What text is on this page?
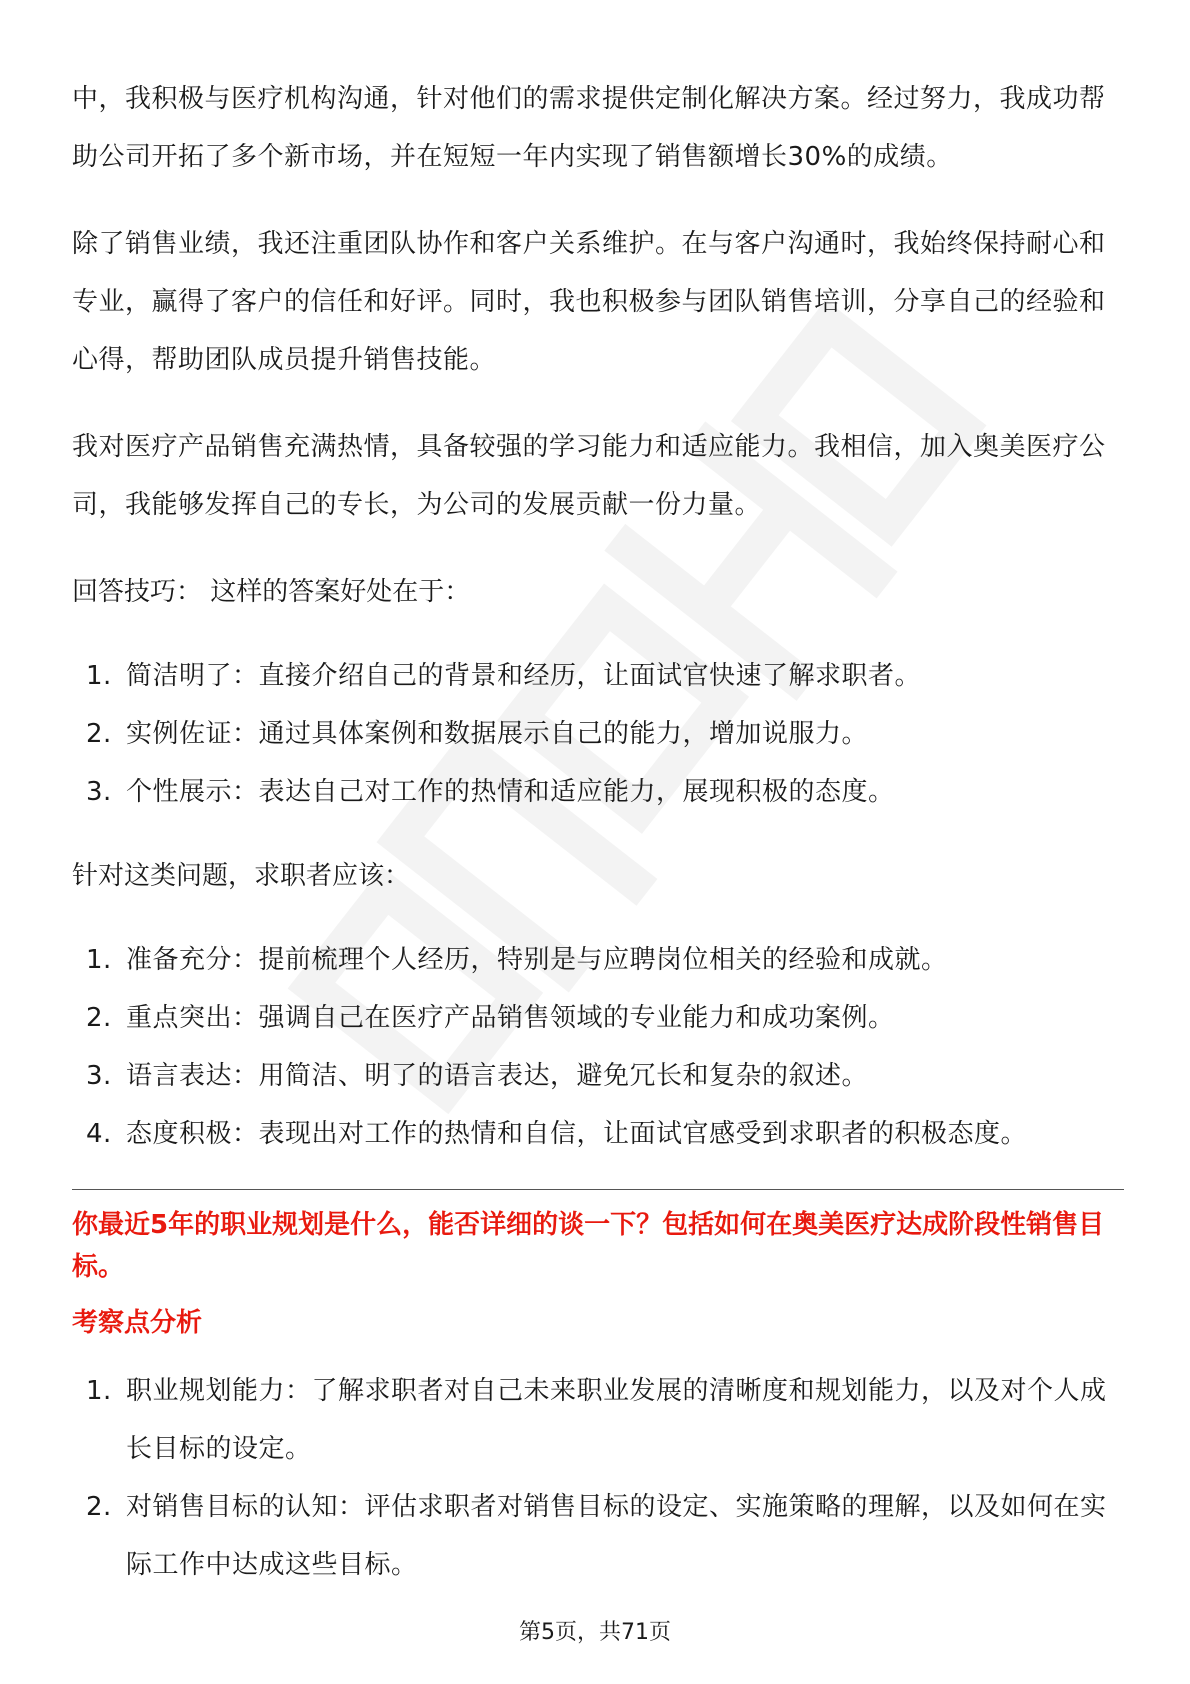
中，我积极与医疗机构沟通，针对他们的需求提供定制化解决方案。经过努力，我成功帮助公司开拓了多个新市场，并在短短一年内实现了销售额增长30%的成绩。

除了销售业绩，我还注重团队协作和客户关系维护。在与客户沟通时，我始终保持耐心和专业，赢得了客户的信任和好评。同时，我也积极参与团队销售培训，分享自己的经验和心得，帮助团队成员提升销售技能。

我对医疗产品销售充满热情，具备较强的学习能力和适应能力。我相信，加入奥美医疗公司，我能够发挥自己的专长，为公司的发展贡献一份力量。

回答技巧： 这样的答案好处在于：

1. 简洁明了：直接介绍自己的背景和经历，让面试官快速了解求职者。
2. 实例佐证：通过具体案例和数据展示自己的能力，增加说服力。
3. 个性展示：表达自己对工作的热情和适应能力，展现积极的态度。

针对这类问题，求职者应该：

1. 准备充分：提前梳理个人经历，特别是与应聘岗位相关的经验和成就。
2. 重点突出：强调自己在医疗产品销售领域的专业能力和成功案例。
3. 语言表达：用简洁、明了的语言表达，避免冗长和复杂的叙述。
4. 态度积极：表现出对工作的热情和自信，让面试官感受到求职者的积极态度。
你最近5年的职业规划是什么，能否详细的谈一下？包括如何在奥美医疗达成阶段性销售目标。
考察点分析
1. 职业规划能力：了解求职者对自己未来职业发展的清晰度和规划能力，以及对个人成长目标的设定。
2. 对销售目标的认知：评估求职者对销售目标的设定、实施策略的理解，以及如何在实际工作中达成这些目标。
第5页，共71页
